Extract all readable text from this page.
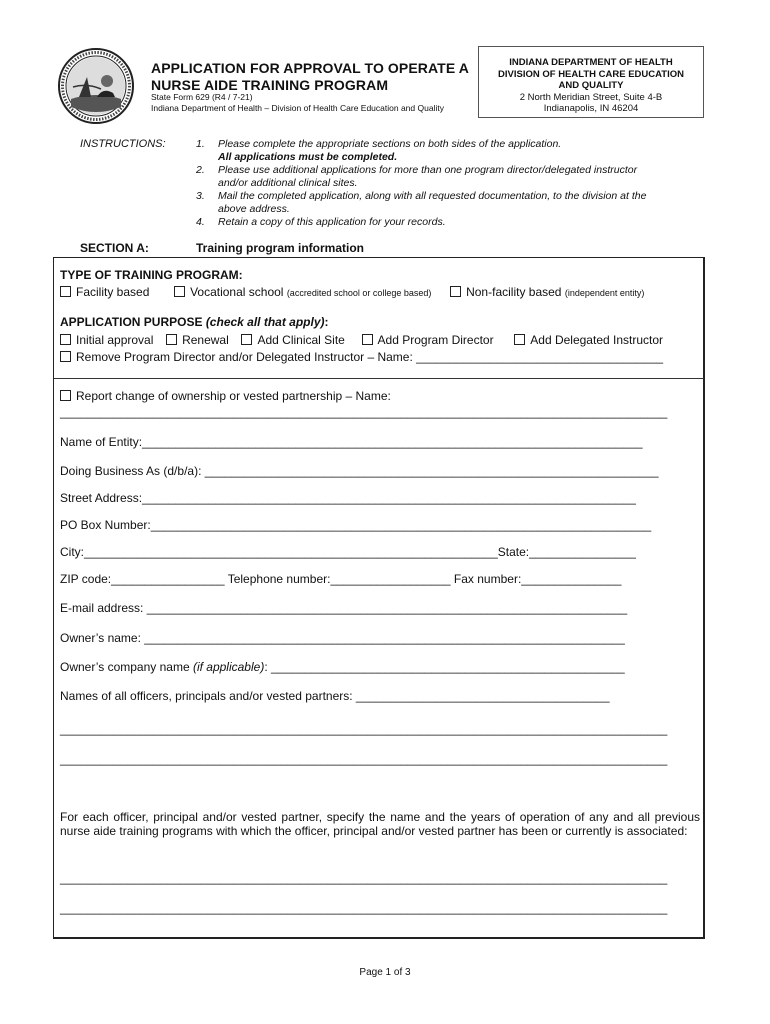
APPLICATION FOR APPROVAL TO OPERATE A
NURSE AIDE TRAINING PROGRAM
State Form 629 (R4 / 7-21)
Indiana Department of Health – Division of Health Care Education and Quality
INDIANA DEPARTMENT OF HEALTH
DIVISION OF HEALTH CARE EDUCATION
AND QUALITY
2 North Meridian Street, Suite 4-B
Indianapolis, IN 46204
INSTRUCTIONS:	1.	Please complete the appropriate sections on both sides of the application.
All applications must be completed.
2.	Please use additional applications for more than one program director/delegated instructor
and/or additional clinical sites.
3.	Mail the completed application, along with all requested documentation, to the division at the
above address.
4.	Retain a copy of this application for your records.
SECTION A:	Training program information
TYPE OF TRAINING PROGRAM:
Facility based	Vocational school (accredited school or college based)	Non-facility based (independent entity)
APPLICATION PURPOSE (check all that apply):
Initial approval Renewal Add Clinical Site	Add Program Director	Add Delegated Instructor
Remove Program Director and/or Delegated Instructor – Name: _____________________________________
Report change of ownership or vested partnership – Name:
___________________________________________________________________________________________
Name of Entity:___________________________________________________________________________
Doing Business As (d/b/a): ____________________________________________________________________
Street Address:__________________________________________________________________________
PO Box Number:___________________________________________________________________________
City:______________________________________________________________State:________________
ZIP code:_________________ Telephone number:__________________ Fax number:_______________
E-mail address: ________________________________________________________________________
Owner’s name: ________________________________________________________________________
Owner’s company name (if applicable): _____________________________________________________
Names of all officers, principals and/or vested partners: ______________________________________
___________________________________________________________________________________________
___________________________________________________________________________________________
For each officer, principal and/or vested partner, specify the name and the years of operation of any and all previous nurse aide training programs with which the officer, principal and/or vested partner has been or currently is associated:
___________________________________________________________________________________________
___________________________________________________________________________________________
Page 1 of 3
